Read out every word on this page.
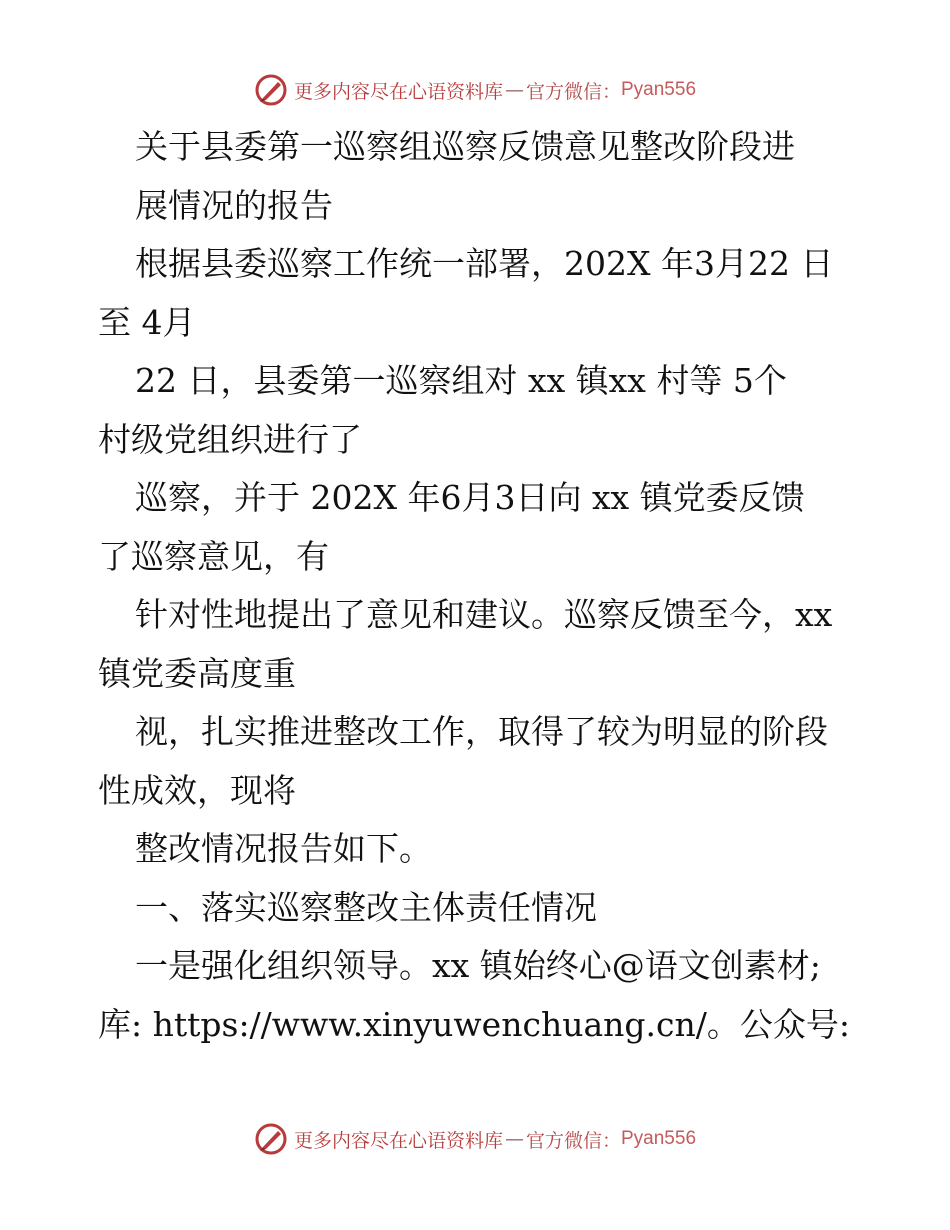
更多内容尽在心语资料库 — 官方微信： Pyan556
关于县委第一巡察组巡察反馈意见整改阶段进
展情况的报告
根据县委巡察工作统一部署，202X 年3月22 日
至 4月
22 日，县委第一巡察组对 xx 镇xx 村等 5个
村级党组织进行了
巡察，并于 202X 年6月3日向 xx 镇党委反馈
了巡察意见，有
针对性地提出了意见和建议。巡察反馈至今，xx
镇党委高度重
视，扎实推进整改工作，取得了较为明显的阶段
性成效，现将
整改情况报告如下。
一、落实巡察整改主体责任情况
一是强化组织领导。xx 镇始终心@语文创素材;
库: https://www.xinyuwenchuang.cn/。公众号:
更多内容尽在心语资料库 — 官方微信： Pyan556
